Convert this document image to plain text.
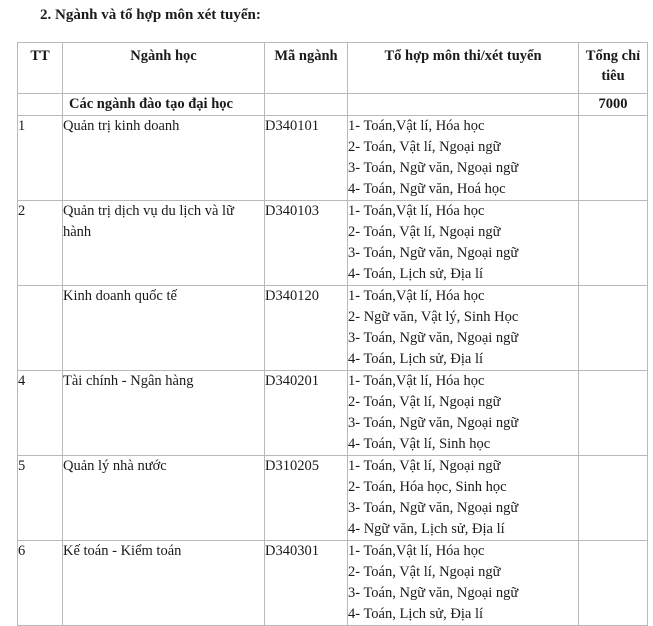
2. Ngành và tổ hợp môn xét tuyển:

TT	Ngành học	Mã ngành	Tổ hợp môn thi/xét tuyển	Tổng chỉ
tiêu
	Các ngành đào tạo đại học			7000
1	Quản trị kinh doanh	D340101	1- Toán,Vật lí, Hóa học
2- Toán, Vật lí, Ngoại ngữ
3- Toán, Ngữ văn, Ngoại ngữ
4- Toán, Ngữ văn, Hoá học	

2	Quản trị dịch vụ du lịch và lữ hành	D340103	1- Toán,Vật lí, Hóa học
2- Toán, Vật lí, Ngoại ngữ
3- Toán, Ngữ văn, Ngoại ngữ
4- Toán, Lịch sử, Địa lí	

	Kinh doanh quốc tế	D340120	1- Toán,Vật lí, Hóa học
2- Ngữ văn, Vật lý, Sinh Học
3- Toán, Ngữ văn, Ngoại ngữ
4- Toán, Lịch sử, Địa lí	

4	Tài chính - Ngân hàng	D340201	1- Toán,Vật lí, Hóa học
2- Toán, Vật lí, Ngoại ngữ
3- Toán, Ngữ văn, Ngoại ngữ
4- Toán, Vật lí, Sinh học	

5	Quản lý nhà nước	D310205	1- Toán, Vật lí, Ngoại ngữ
2- Toán, Hóa học, Sinh học
3- Toán, Ngữ văn, Ngoại ngữ
4- Ngữ văn, Lịch sử, Địa lí	

6	Kế toán - Kiểm toán	D340301	1- Toán,Vật lí, Hóa học
2- Toán, Vật lí, Ngoại ngữ
3- Toán, Ngữ văn, Ngoại ngữ
4- Toán, Lịch sử, Địa lí	
